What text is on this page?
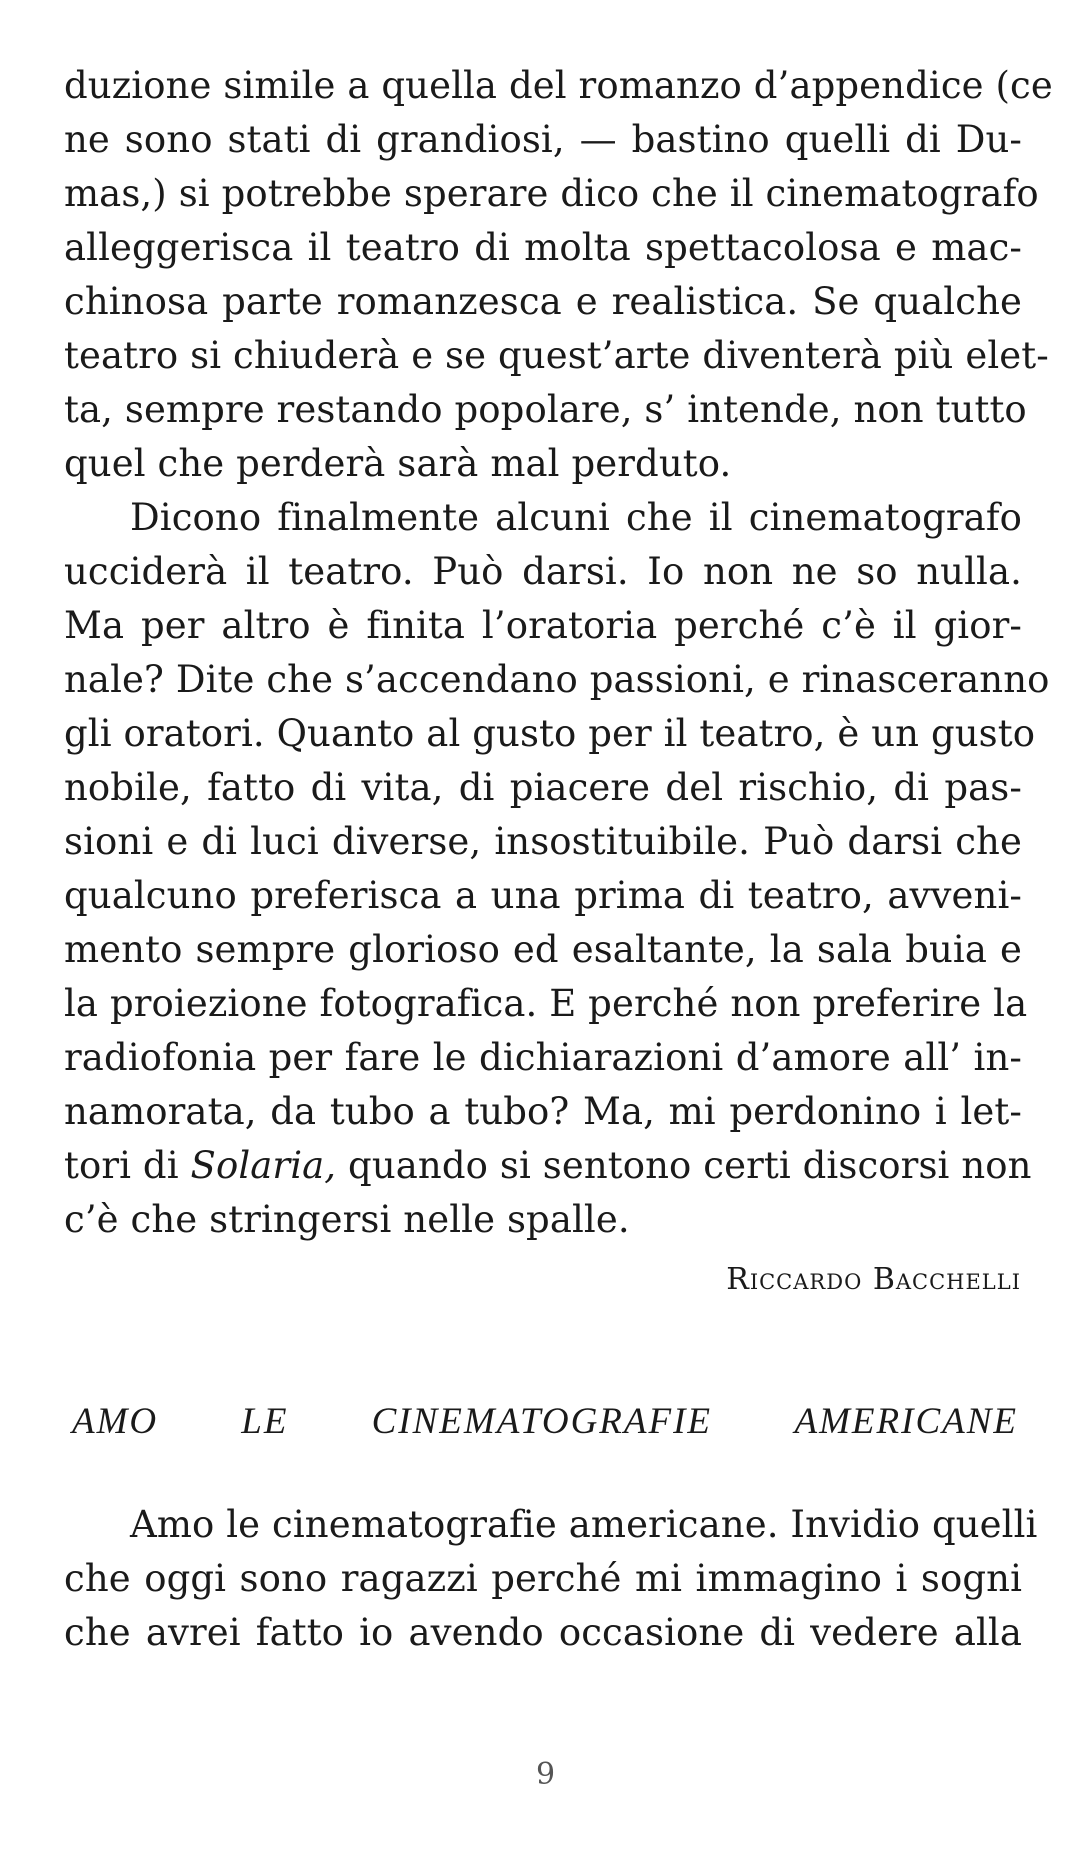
duzione simile a quella del romanzo d’appendice (ce
ne sono stati di grandiosi, — bastino quelli di Du-
mas,) si potrebbe sperare dico che il cinematografo
alleggerisca il teatro di molta spettacolosa e mac-
chinosa parte romanzesca e realistica. Se qualche
teatro si chiuderà e se quest’arte diventerà più elet-
ta, sempre restando popolare, s’ intende, non tutto
quel che perderà sarà mal perduto.
Dicono finalmente alcuni che il cinematografo
ucciderà il teatro. Può darsi. Io non ne so nulla.
Ma per altro è finita l’oratoria perché c’è il gior-
nale? Dite che s’accendano passioni, e rinasceranno
gli oratori. Quanto al gusto per il teatro, è un gusto
nobile, fatto di vita, di piacere del rischio, di pas-
sioni e di luci diverse, insostituibile. Può darsi che
qualcuno preferisca a una prima di teatro, avveni-
mento sempre glorioso ed esaltante, la sala buia e
la proiezione fotografica. E perché non preferire la
radiofonia per fare le dichiarazioni d’amore all’ in-
namorata, da tubo a tubo? Ma, mi perdonino i let-
tori di Solaria, quando si sentono certi discorsi non
c’è che stringersi nelle spalle.
Riccardo Bacchelli
AMO LE CINEMATOGRAFIE AMERICANE
Amo le cinematografie americane. Invidio quelli
che oggi sono ragazzi perché mi immagino i sogni
che avrei fatto io avendo occasione di vedere alla
9
